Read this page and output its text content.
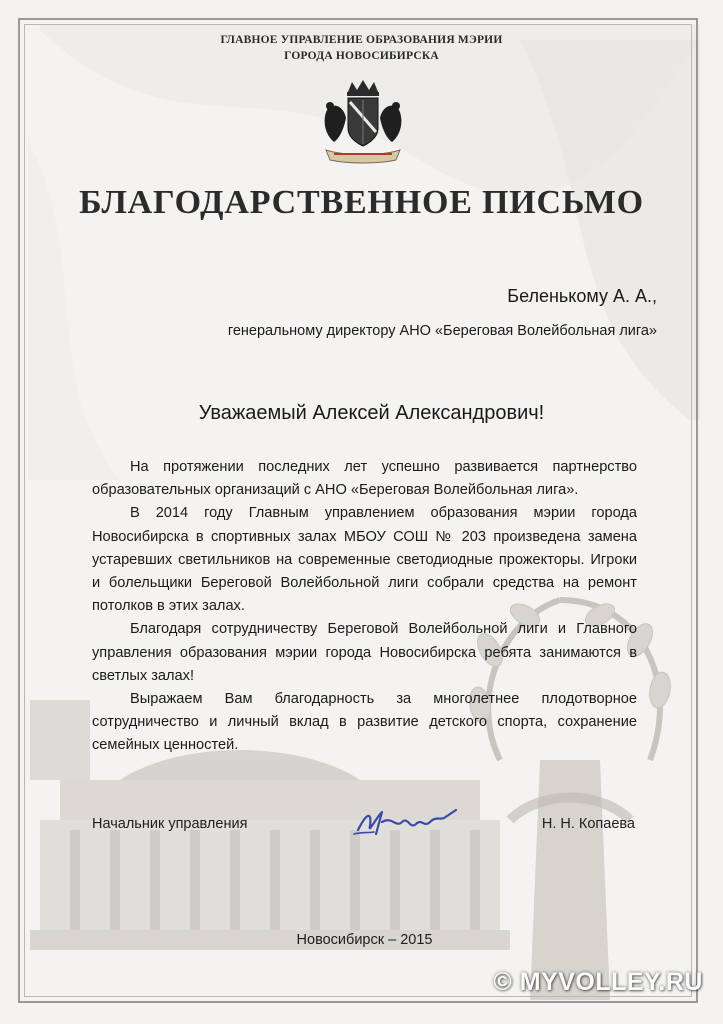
ГЛАВНОЕ УПРАВЛЕНИЕ ОБРАЗОВАНИЯ МЭРИИ
ГОРОДА НОВОСИБИРСКА
БЛАГОДАРСТВЕННОЕ ПИСЬМО
Беленькому А. А.,
генеральному директору АНО «Береговая Волейбольная лига»
Уважаемый Алексей Александрович!

На протяжении последних лет успешно развивается партнерство образовательных организаций с АНО «Береговая Волейбольная лига».

В 2014 году Главным управлением образования мэрии города Новосибирска в спортивных залах МБОУ СОШ № 203 произведена замена устаревших светильников на современные светодиодные прожекторы. Игроки и болельщики Береговой Волейбольной лиги собрали средства на ремонт потолков в этих залах.

Благодаря сотрудничеству Береговой Волейбольной лиги и Главного управления образования мэрии города Новосибирска ребята занимаются в светлых залах!

Выражаем Вам благодарность за многолетнее плодотворное сотрудничество и личный вклад в развитие детского спорта, сохранение семейных ценностей.

Начальник управления	Н. Н. Копаева
Новосибирск – 2015
© MYVOLLEY.RU
